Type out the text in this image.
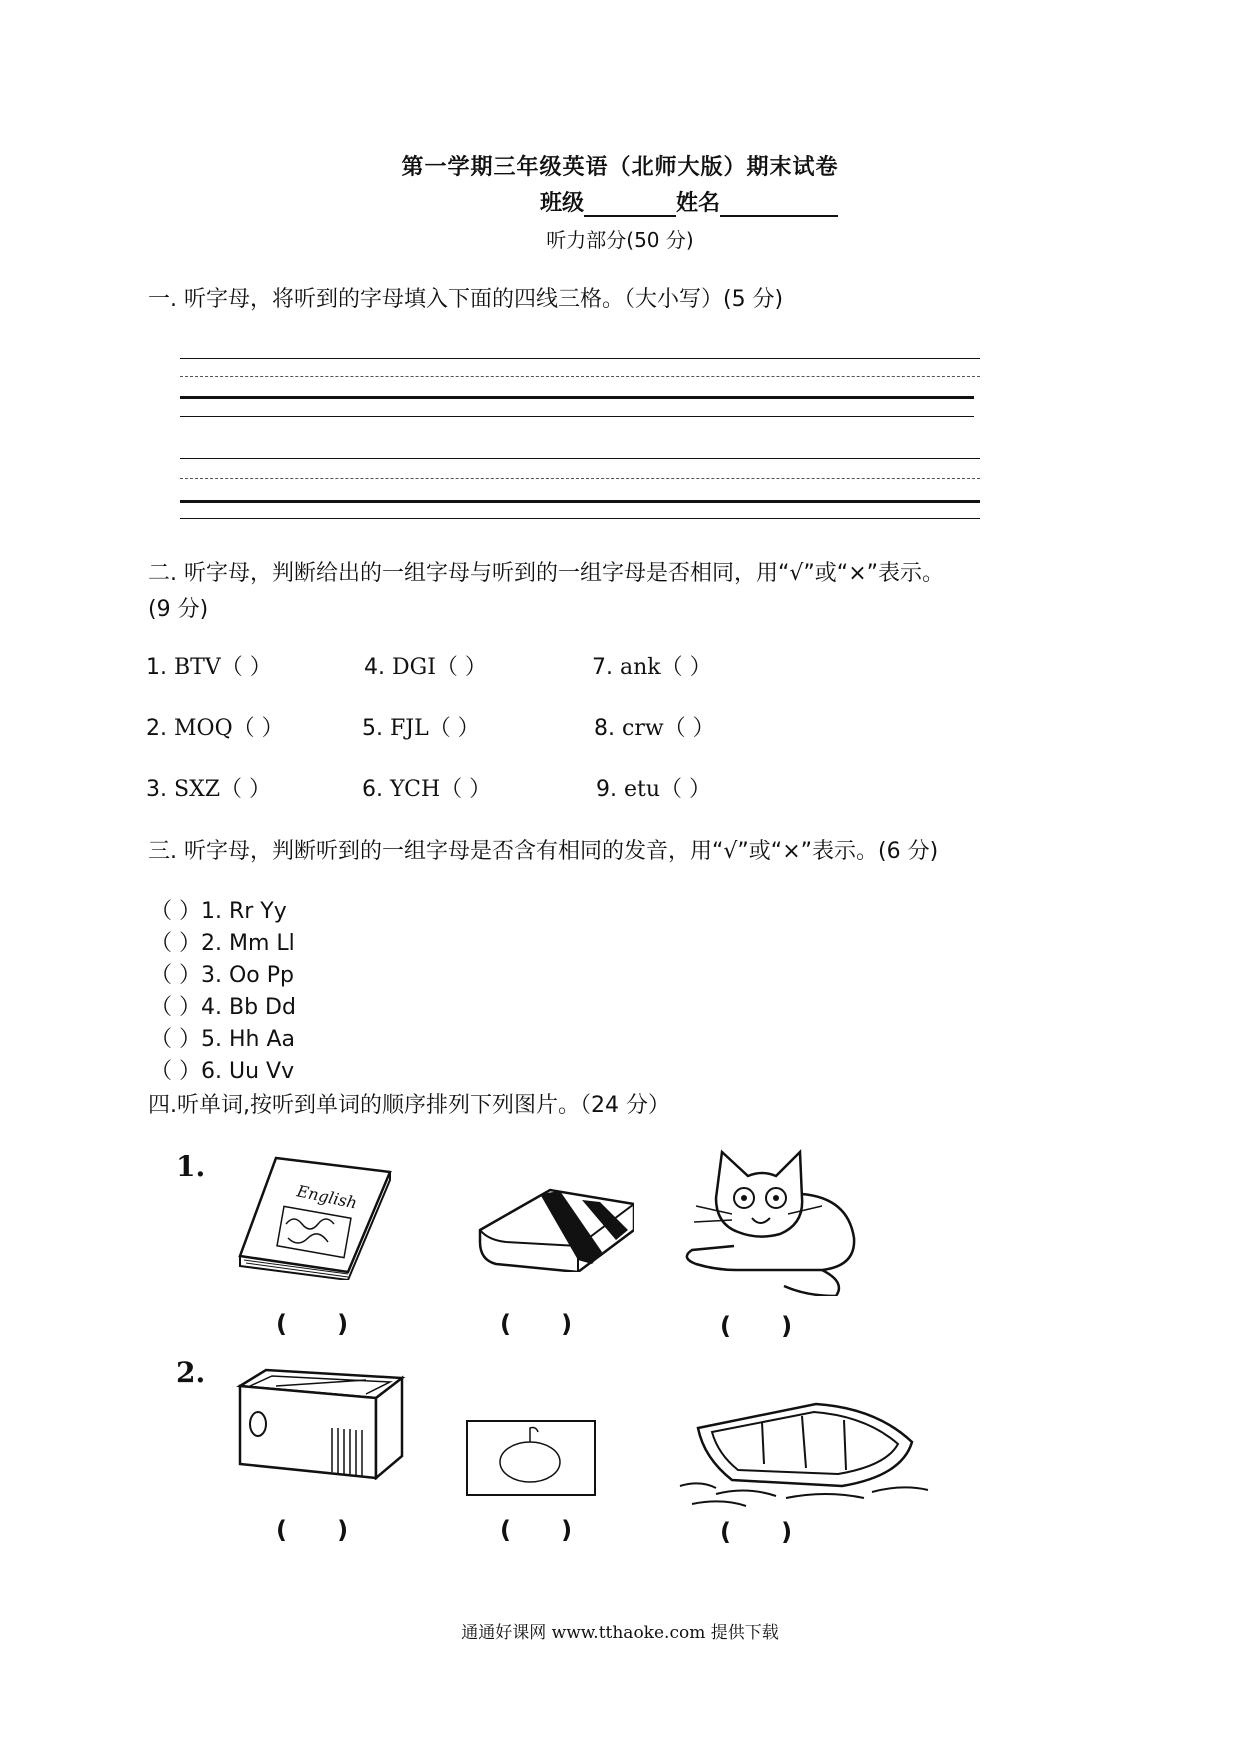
第一学期三年级英语（北师大版）期末试卷
班级	姓名
听力部分(50 分)
一. 听字母，将听到的字母填入下面的四线三格。（大小写）(5 分)
二. 听字母，判断给出的一组字母与听到的一组字母是否相同，用“√”或“×”表示。
(9 分)
1. BTV（ ）	4. DGI（ ）	7. ank（ ）
2. MOQ（ ）	5. FJL（ ）	8. crw（ ）
3. SXZ（ ）	6. YCH（ ）	9. etu（ ）
三. 听字母，判断听到的一组字母是否含有相同的发音，用“√”或“×”表示。(6 分)
（ ）1. Rr Yy
（ ）2. Mm Ll
（ ）3. Oo Pp
（ ）4. Bb Dd
（ ）5. Hh Aa
（ ）6. Uu Vv
四.听单词,按听到单词的顺序排列下列图片。（24 分）
1.
English
(      )	(      )	(      )
2.
(      )	(      )	(      )
通通好课网 www.tthaoke.com 提供下载
